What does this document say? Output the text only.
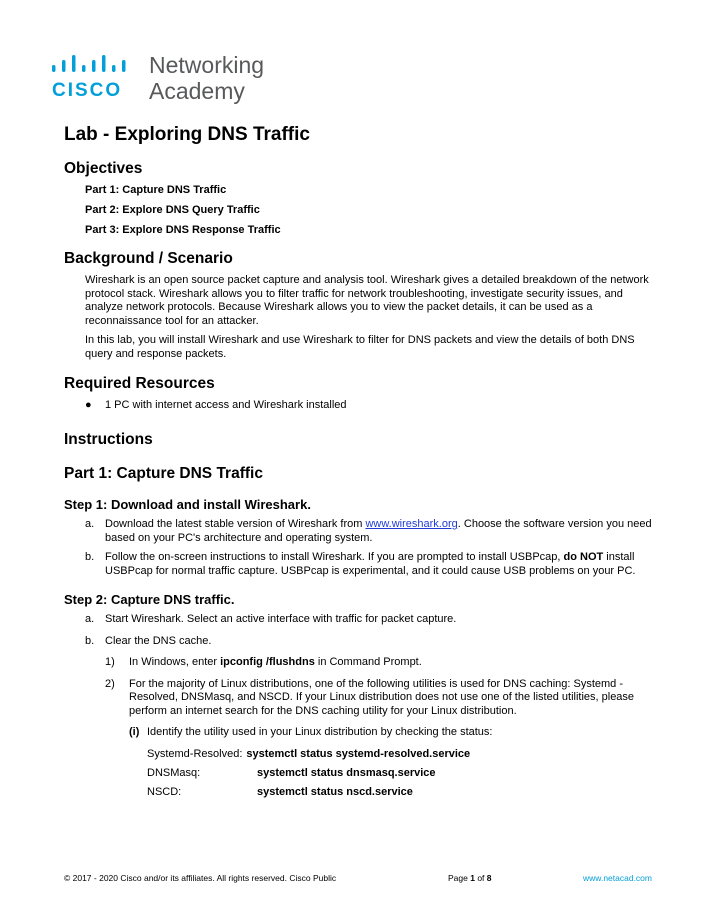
CISCO
Networking
Academy
Lab - Exploring DNS Traffic
Objectives
Part 1: Capture DNS Traffic
Part 2: Explore DNS Query Traffic
Part 3: Explore DNS Response Traffic
Background / Scenario
Wireshark is an open source packet capture and analysis tool. Wireshark gives a detailed breakdown of the network protocol stack. Wireshark allows you to filter traffic for network troubleshooting, investigate security issues, and analyze network protocols. Because Wireshark allows you to view the packet details, it can be used as a reconnaissance tool for an attacker.
In this lab, you will install Wireshark and use Wireshark to filter for DNS packets and view the details of both DNS query and response packets.
Required Resources
● 1 PC with internet access and Wireshark installed
Instructions
Part 1: Capture DNS Traffic
Step 1: Download and install Wireshark.
a. Download the latest stable version of Wireshark from www.wireshark.org. Choose the software version you need based on your PC's architecture and operating system.
b. Follow the on-screen instructions to install Wireshark. If you are prompted to install USBPcap, do NOT install USBPcap for normal traffic capture. USBPcap is experimental, and it could cause USB problems on your PC.
Step 2: Capture DNS traffic.
a. Start Wireshark. Select an active interface with traffic for packet capture.
b. Clear the DNS cache.
1) In Windows, enter ipconfig /flushdns in Command Prompt.
2) For the majority of Linux distributions, one of the following utilities is used for DNS caching: Systemd - Resolved, DNSMasq, and NSCD. If your Linux distribution does not use one of the listed utilities, please perform an internet search for the DNS caching utility for your Linux distribution.
(i) Identify the utility used in your Linux distribution by checking the status:
Systemd-Resolved: systemctl status systemd-resolved.service
DNSMasq:	systemctl status dnsmasq.service
NSCD:	systemctl status nscd.service
© 2017 - 2020 Cisco and/or its affiliates. All rights reserved. Cisco Public	Page 1 of 8	www.netacad.com
